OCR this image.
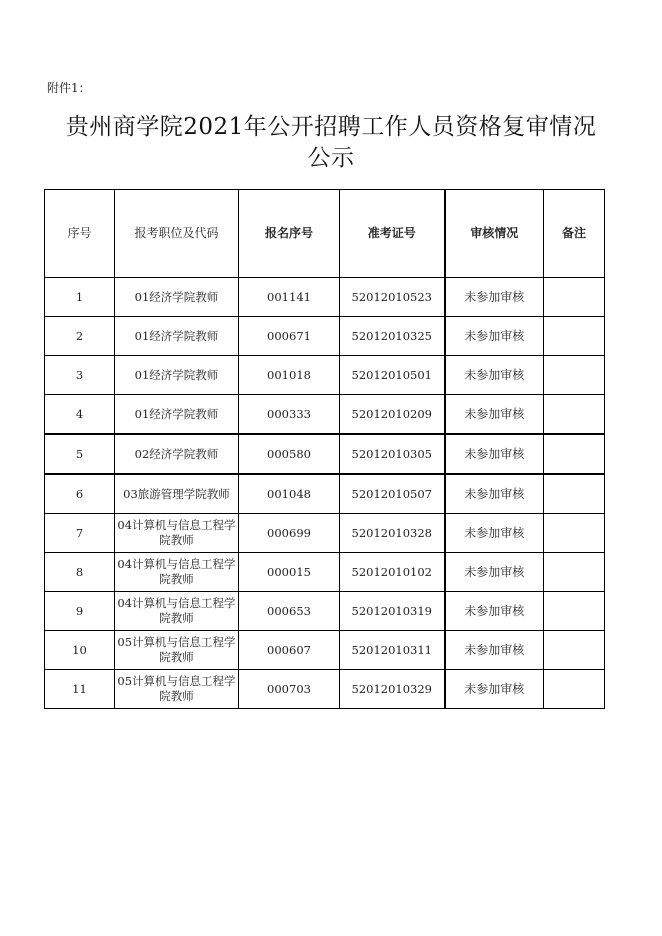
附件1：
贵州商学院2021年公开招聘工作人员资格复审情况
公示
序号	报考职位及代码	报名序号	准考证号	审核情况	备注
1	01经济学院教师	001141	52012010523	未参加审核	
2	01经济学院教师	000671	52012010325	未参加审核	
3	01经济学院教师	001018	52012010501	未参加审核	
4	01经济学院教师	000333	52012010209	未参加审核	
5	02经济学院教师	000580	52012010305	未参加审核	
6	03旅游管理学院教师	001048	52012010507	未参加审核	
7	04计算机与信息工程学院教师	000699	52012010328	未参加审核	
8	04计算机与信息工程学院教师	000015	52012010102	未参加审核	
9	04计算机与信息工程学院教师	000653	52012010319	未参加审核	
10	05计算机与信息工程学院教师	000607	52012010311	未参加审核	
11	05计算机与信息工程学院教师	000703	52012010329	未参加审核	
